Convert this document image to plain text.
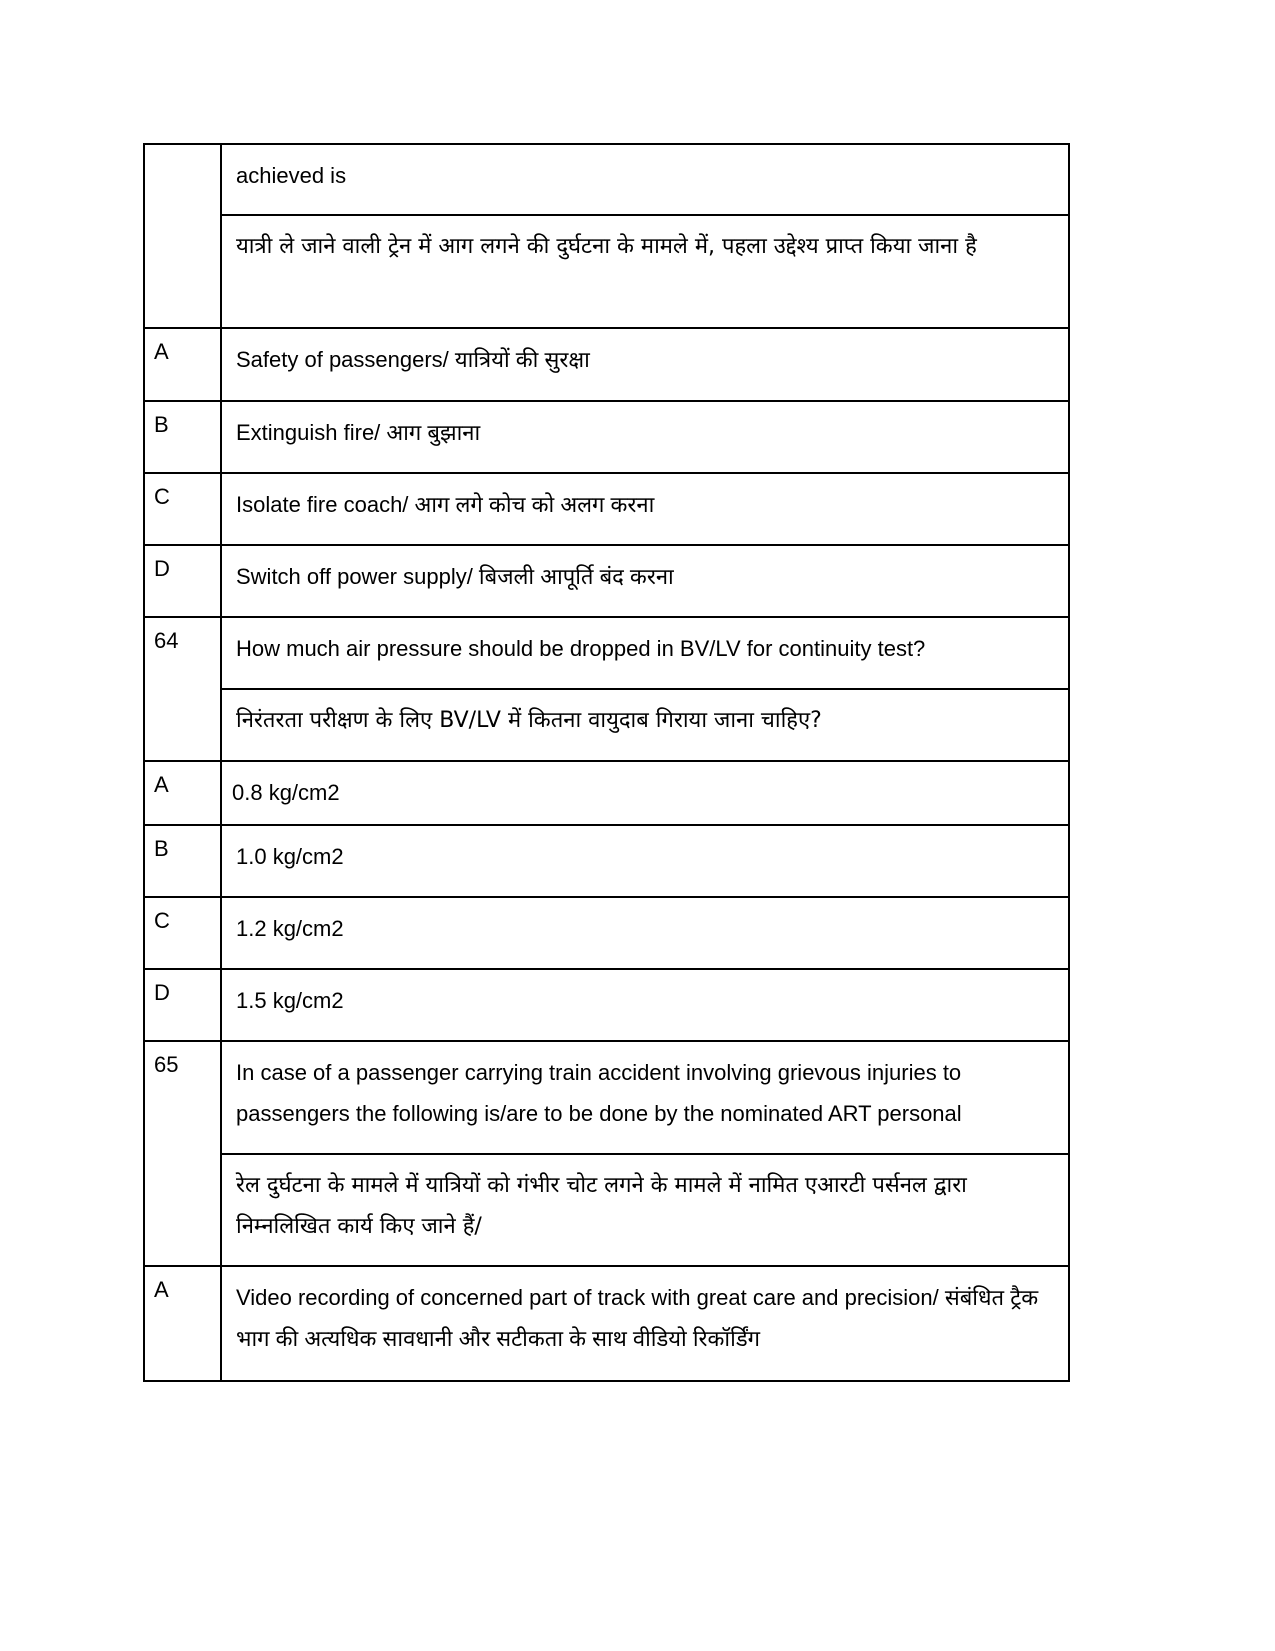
	achieved is
	यात्री ले जाने वाली ट्रेन में आग लगने की दुर्घटना के मामले में, पहला उद्देश्य प्राप्त किया जाना है
A	Safety of passengers/ यात्रियों की सुरक्षा
B	Extinguish fire/ आग बुझाना
C	Isolate fire coach/ आग लगे कोच को अलग करना
D	Switch off power supply/ बिजली आपूर्ति बंद करना
64	How much air pressure should be dropped in BV/LV for continuity test?
	निरंतरता परीक्षण के लिए BV/LV में कितना वायुदाब गिराया जाना चाहिए?
A	0.8 kg/cm2
B	1.0 kg/cm2
C	1.2 kg/cm2
D	1.5 kg/cm2
65	In case of a passenger carrying train accident involving grievous injuries to passengers the following is/are to be done by the nominated ART personal
	रेल दुर्घटना के मामले में यात्रियों को गंभीर चोट लगने के मामले में नामित एआरटी पर्सनल द्वारा निम्नलिखित कार्य किए जाने हैं/
A	Video recording of concerned part of track with great care and precision/ संबंधित ट्रैक भाग की अत्यधिक सावधानी और सटीकता के साथ वीडियो रिकॉर्डिंग
